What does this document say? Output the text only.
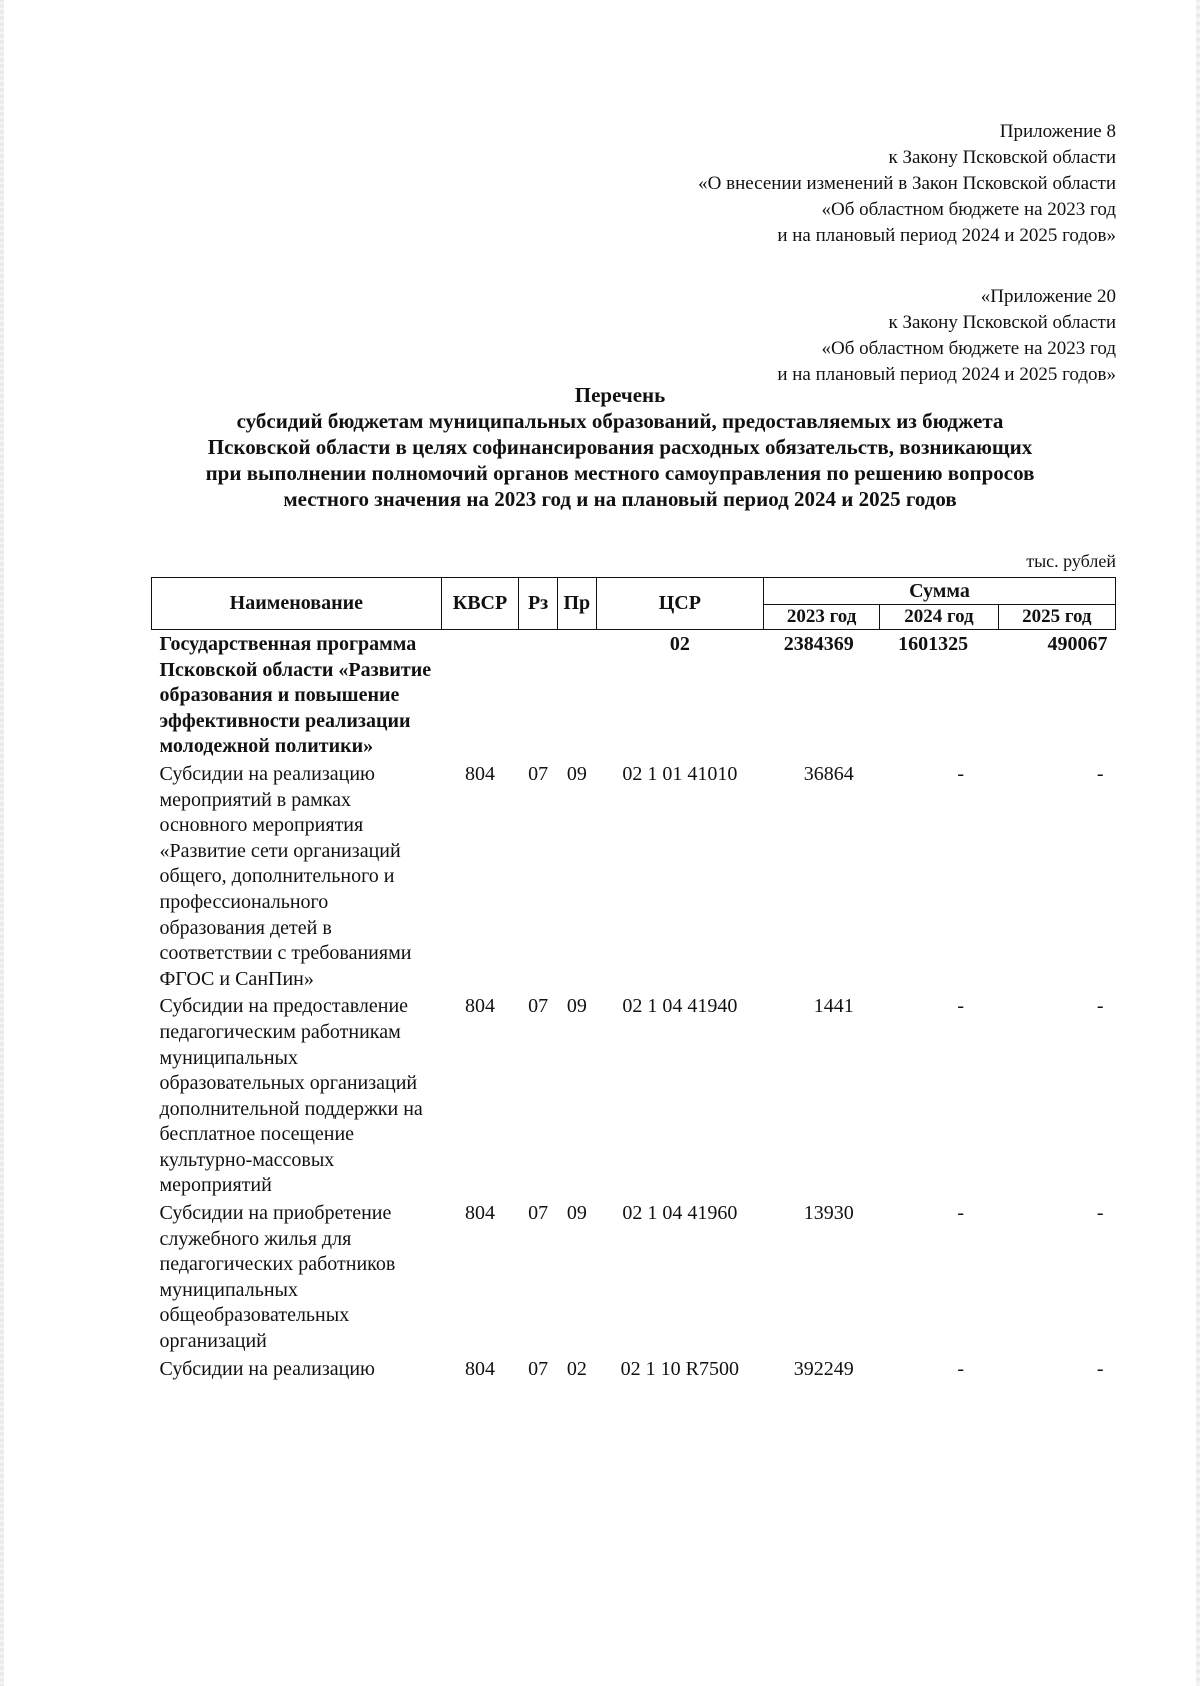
Приложение 8
к Закону Псковской области
«О внесении изменений в Закон Псковской области
«Об областном бюджете на 2023 год
и на плановый период 2024 и 2025 годов»
«Приложение 20
к Закону Псковской области
«Об областном бюджете на 2023 год
и на плановый период 2024 и 2025 годов»
Перечень
субсидий бюджетам муниципальных образований, предоставляемых из бюджета
Псковской области в целях софинансирования расходных обязательств, возникающих
при выполнении полномочий органов местного самоуправления по решению вопросов
местного значения на 2023 год и на плановый период 2024 и 2025 годов
тыс. рублей
Наименование	КВСР	Рз	Пр	ЦСР	Сумма		
					2023 год	2024 год	2025 год
Государственная программа Псковской области «Развитие образования и повышение эффективности реализации молодежной политики»				02	2384369	1601325	490067
Субсидии на реализацию мероприятий в рамках основного мероприятия «Развитие сети организаций общего, дополнительного и профессионального образования детей в соответствии с требованиями ФГОС и СанПин»	804	07	09	02 1 01 41010	36864	-	-
Субсидии на предоставление педагогическим работникам муниципальных образовательных организаций дополнительной поддержки на бесплатное посещение культурно-массовых мероприятий	804	07	09	02 1 04 41940	1441	-	-
Субсидии на приобретение служебного жилья для педагогических работников муниципальных общеобразовательных организаций	804	07	09	02 1 04 41960	13930	-	-
Субсидии на реализацию	804	07	02	02 1 10 R7500	392249	-	-
